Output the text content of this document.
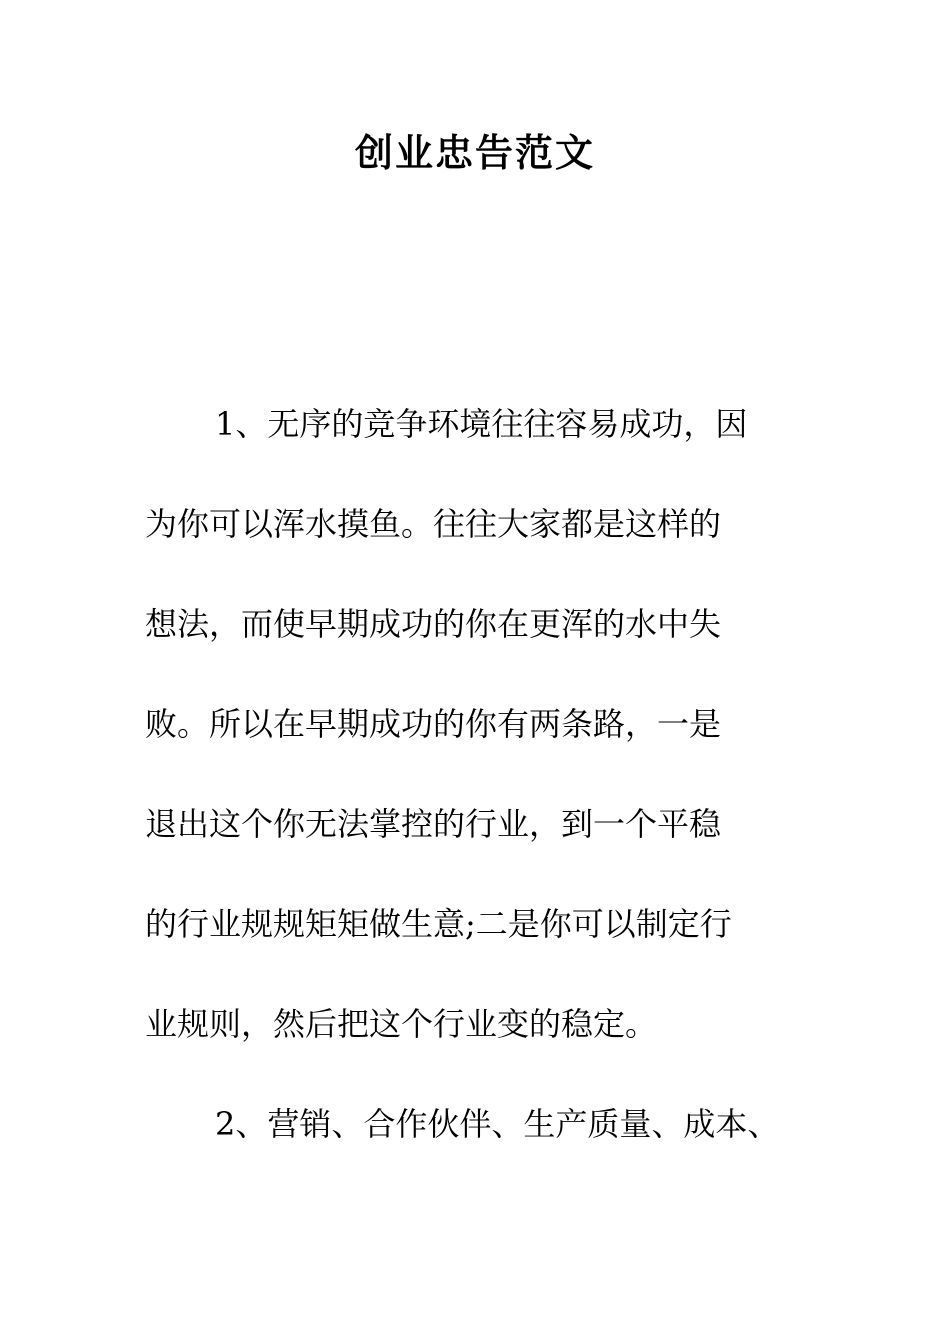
创业忠告范文
1、无序的竞争环境往往容易成功，因
为你可以浑水摸鱼。往往大家都是这样的
想法，而使早期成功的你在更浑的水中失
败。所以在早期成功的你有两条路，一是
退出这个你无法掌控的行业，到一个平稳
的行业规规矩矩做生意;二是你可以制定行
业规则，然后把这个行业变的稳定。
2、营销、合作伙伴、生产质量、成本、
